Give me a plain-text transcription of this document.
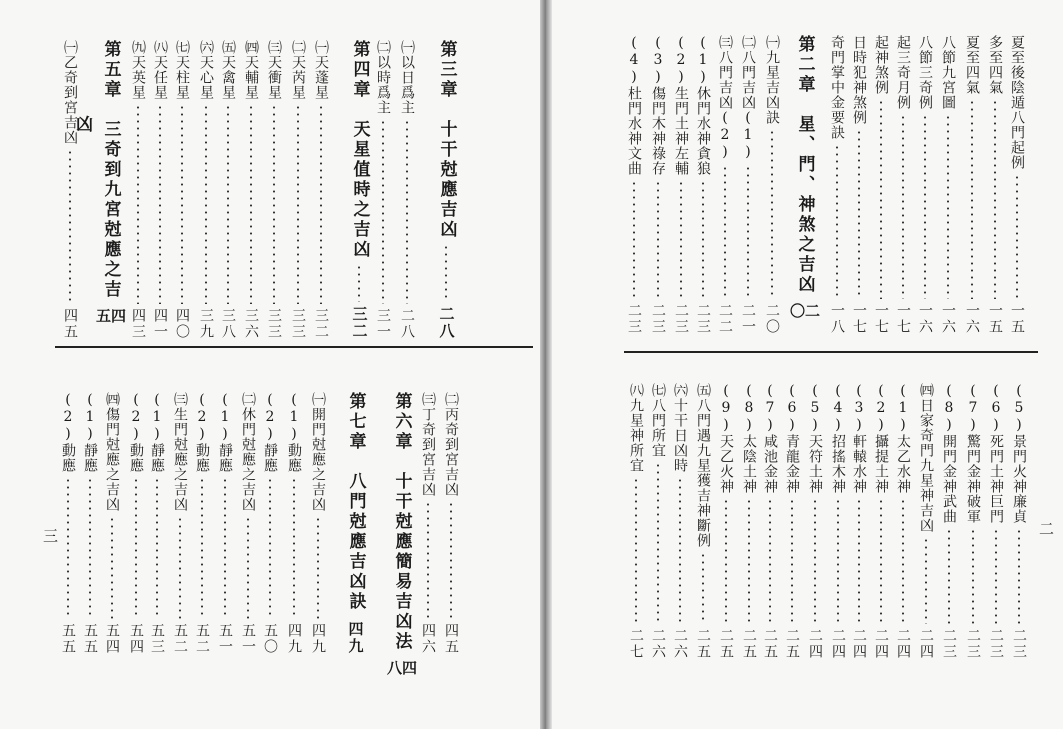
三
第三章　十干尅應吉凶
二八
㈠以日爲主
二八
㈡以時爲主
三一
第四章　天星值時之吉凶
三二
㈠天蓬星
三二
㈡天芮星
三三
㈢天衝星
三三
㈣天輔星
三六
㈤天禽星
三八
㈥天心星
三九
㈦天柱星
四〇
㈧天任星
四一
㈨天英星
四三
第五章　三奇到九宮尅應之吉
四五
凶
㈠乙奇到宮吉凶
四五
㈡丙奇到宮吉凶
四五
㈢丁奇到宮吉凶
四六
第六章　十干尅應簡易吉凶法
四八
第七章　八門尅應吉凶訣
四九
㈠開門尅應之吉凶
四九
(1)動應
四九
(2)靜應
五〇
㈡休門尅應之吉凶
五一
(1)靜應
五一
(2)動應
五二
㈢生門尅應之吉凶
五二
(1)靜應
五三
(2)動應
五四
㈣傷門尅應之吉凶
五四
(1)靜應
五五
(2)動應
五五
二
夏至後陰遁八門起例
一五
多至四氣
一五
夏至四氣
一六
八節九宮圖
一六
八節三奇例
一六
起三奇月例
一七
起神煞例
一七
日時犯神煞例
一七
奇門掌中金要訣
一八
第二章　星、門、神煞之吉凶
二〇
㈠九星吉凶訣
二〇
㈡八門吉凶(1)
二一
㈢八門吉凶(2)
二二
(1)休門水神貪狼
二三
(2)生門土神左輔
二三
(3)傷門木神祿存
二三
(4)杜門水神文曲
二三
(5)景門火神廉貞
二三
(6)死門土神巨門
二三
(7)驚門金神破軍
二三
(8)開門金神武曲
二三
㈣日家奇門九星神吉凶
二四
(1)太乙水神
二四
(2)攝提土神
二四
(3)軒轅水神
二四
(4)招搖木神
二四
(5)天符土神
二四
(6)青龍金神
二五
(7)咸池金神
二五
(8)太陰土神
二五
(9)天乙火神
二五
㈤八門遇九星獲吉神斷例
二五
㈥十干日凶時
二六
㈦八門所宜
二六
㈧九星神所宜
二七
